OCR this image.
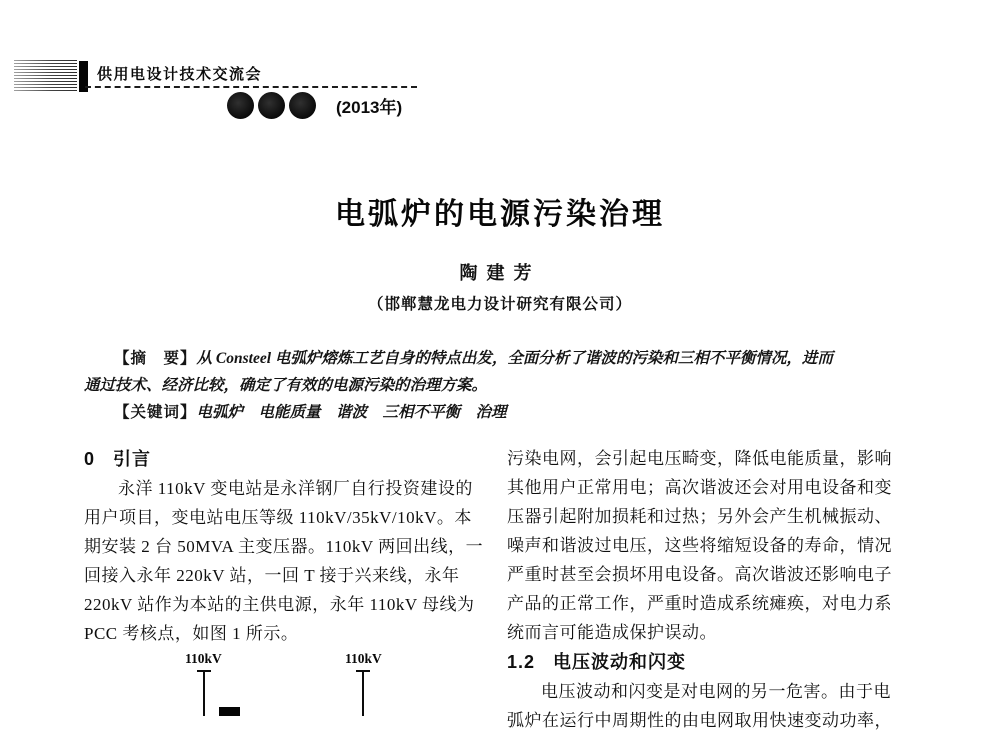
供用电设计技术交流会
(2013年)
电弧炉的电源污染治理
陶建芳
（邯郸慧龙电力设计研究有限公司）
【摘　要】从 Consteel 电弧炉熔炼工艺自身的特点出发，全面分析了谐波的污染和三相不平衡情况，进而
通过技术、经济比较，确定了有效的电源污染的治理方案。
【关键词】电弧炉　电能质量　谐波　三相不平衡　治理
0 引言
永洋 110kV 变电站是永洋钢厂自行投资建设的
用户项目，变电站电压等级 110kV/35kV/10kV。本
期安装 2 台 50MVA 主变压器。110kV 两回出线，一
回接入永年 220kV 站，一回 T 接于兴来线，永年
220kV 站作为本站的主供电源，永年 110kV 母线为
PCC 考核点，如图 1 所示。
污染电网，会引起电压畸变，降低电能质量，影响
其他用户正常用电；高次谐波还会对用电设备和变
压器引起附加损耗和过热；另外会产生机械振动、
噪声和谐波过电压，这些将缩短设备的寿命，情况
严重时甚至会损坏用电设备。高次谐波还影响电子
产品的正常工作，严重时造成系统瘫痪，对电力系
统而言可能造成保护误动。
1.2 电压波动和闪变
电压波动和闪变是对电网的另一危害。由于电
弧炉在运行中周期性的由电网取用快速变动功率，
110kV	110kV
